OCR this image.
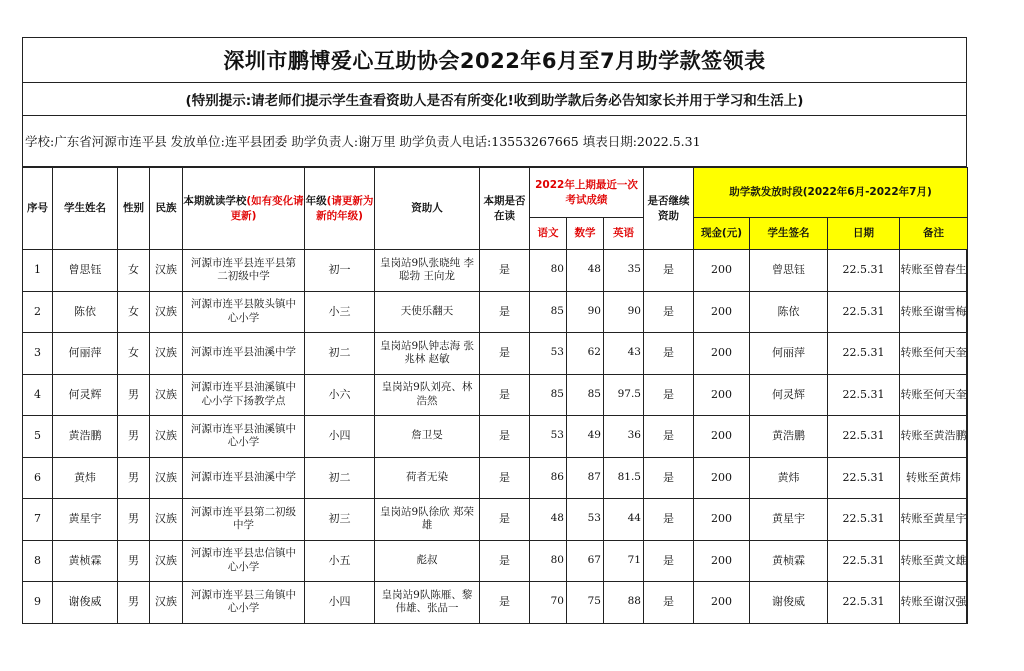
深圳市鹏博爱心互助协会2022年6月至7月助学款签领表
(特别提示:请老师们提示学生查看资助人是否有所变化!收到助学款后务必告知家长并用于学习和生活上)
学校:广东省河源市连平县 发放单位:连平县团委 助学负责人:谢万里 助学负责人电话:13553267665 填表日期:2022.5.31
序号	学生姓名	性别	民族	本期就读学校(如有变化请更新)	年级(请更新为新的年级)	资助人	本期是否在读	2022年上期最近一次考试成绩			是否继续资助	助学款发放时段(2022年6月-2022年7月)			
								语文	数学	英语		现金(元)	学生签名	日期	备注
1	曾思钰	女	汉族	河源市连平县连平县第二初级中学	初一	皇岗站9队张晓纯 李聪勃 王向龙	是	80	48	35	是	200	曾思钰	22.5.31	转账至曾春生
2	陈依	女	汉族	河源市连平县陂头镇中心小学	小三	天使乐翻天	是	85	90	90	是	200	陈依	22.5.31	转账至谢雪梅
3	何丽萍	女	汉族	河源市连平县油溪中学	初二	皇岗站9队钟志海 张兆林 赵敏	是	53	62	43	是	200	何丽萍	22.5.31	转账至何天奎
4	何灵辉	男	汉族	河源市连平县油溪镇中心小学下扬教学点	小六	皇岗站9队刘亮、林浩然	是	85	85	97.5	是	200	何灵辉	22.5.31	转账至何天奎
5	黄浩鹏	男	汉族	河源市连平县油溪镇中心小学	小四	詹卫旻	是	53	49	36	是	200	黄浩鹏	22.5.31	转账至黄浩鹏
6	黄炜	男	汉族	河源市连平县油溪中学	初二	荷者无染	是	86	87	81.5	是	200	黄炜	22.5.31	转账至黄炜
7	黄星宇	男	汉族	河源市连平县第二初级中学	初三	皇岗站9队徐欣 郑荣雄	是	48	53	44	是	200	黄星宇	22.5.31	转账至黄星宇
8	黄桢霖	男	汉族	河源市连平县忠信镇中心小学	小五	彪叔	是	80	67	71	是	200	黄桢霖	22.5.31	转账至黄文雄
9	谢俊威	男	汉族	河源市连平县三角镇中心小学	小四	皇岗站9队陈雁、黎伟雄、张品一	是	70	75	88	是	200	谢俊威	22.5.31	转账至谢汉强
